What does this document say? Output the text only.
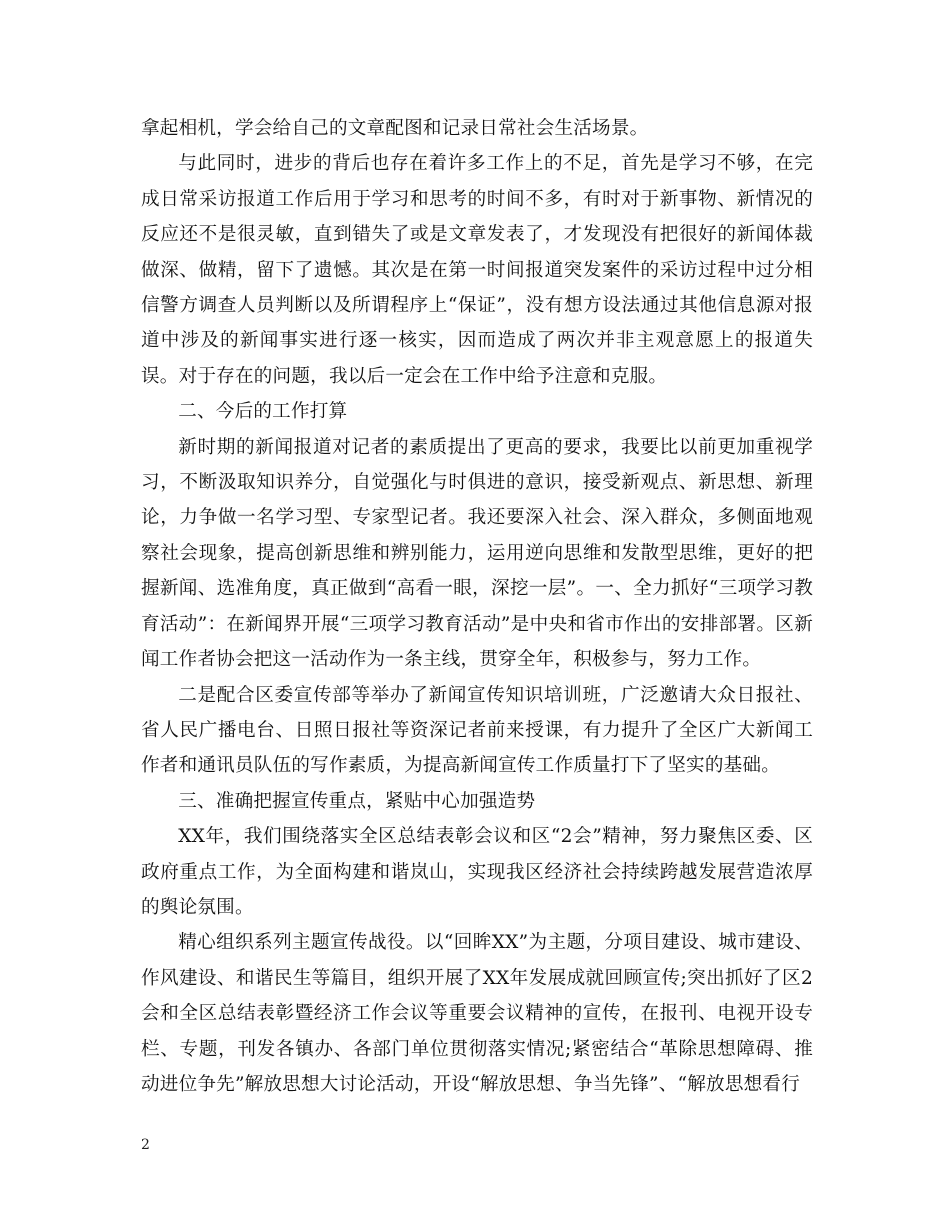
拿起相机，学会给自己的文章配图和记录日常社会生活场景。

与此同时，进步的背后也存在着许多工作上的不足，首先是学习不够，在完成日常采访报道工作后用于学习和思考的时间不多，有时对于新事物、新情况的反应还不是很灵敏，直到错失了或是文章发表了，才发现没有把很好的新闻体裁做深、做精，留下了遗憾。其次是在第一时间报道突发案件的采访过程中过分相信警方调查人员判断以及所谓程序上“保证”，没有想方设法通过其他信息源对报道中涉及的新闻事实进行逐一核实，因而造成了两次并非主观意愿上的报道失误。对于存在的问题，我以后一定会在工作中给予注意和克服。

二、今后的工作打算

新时期的新闻报道对记者的素质提出了更高的要求，我要比以前更加重视学习，不断汲取知识养分，自觉强化与时俱进的意识，接受新观点、新思想、新理论，力争做一名学习型、专家型记者。我还要深入社会、深入群众，多侧面地观察社会现象，提高创新思维和辨别能力，运用逆向思维和发散型思维，更好的把握新闻、选准角度，真正做到“高看一眼，深挖一层”。一、全力抓好“三项学习教育活动”：在新闻界开展“三项学习教育活动”是中央和省市作出的安排部署。区新闻工作者协会把这一活动作为一条主线，贯穿全年，积极参与，努力工作。

二是配合区委宣传部等举办了新闻宣传知识培训班，广泛邀请大众日报社、省人民广播电台、日照日报社等资深记者前来授课，有力提升了全区广大新闻工作者和通讯员队伍的写作素质，为提高新闻宣传工作质量打下了坚实的基础。

三、准确把握宣传重点，紧贴中心加强造势

XX年，我们围绕落实全区总结表彰会议和区“2会”精神，努力聚焦区委、区政府重点工作，为全面构建和谐岚山，实现我区经济社会持续跨越发展营造浓厚的舆论氛围。

精心组织系列主题宣传战役。以“回眸XX”为主题，分项目建设、城市建设、作风建设、和谐民生等篇目，组织开展了XX年发展成就回顾宣传;突出抓好了区2会和全区总结表彰暨经济工作会议等重要会议精神的宣传，在报刊、电视开设专栏、专题，刊发各镇办、各部门单位贯彻落实情况;紧密结合“革除思想障碍、推动进位争先”解放思想大讨论活动，开设“解放思想、争当先锋”、“解放思想看行

2
